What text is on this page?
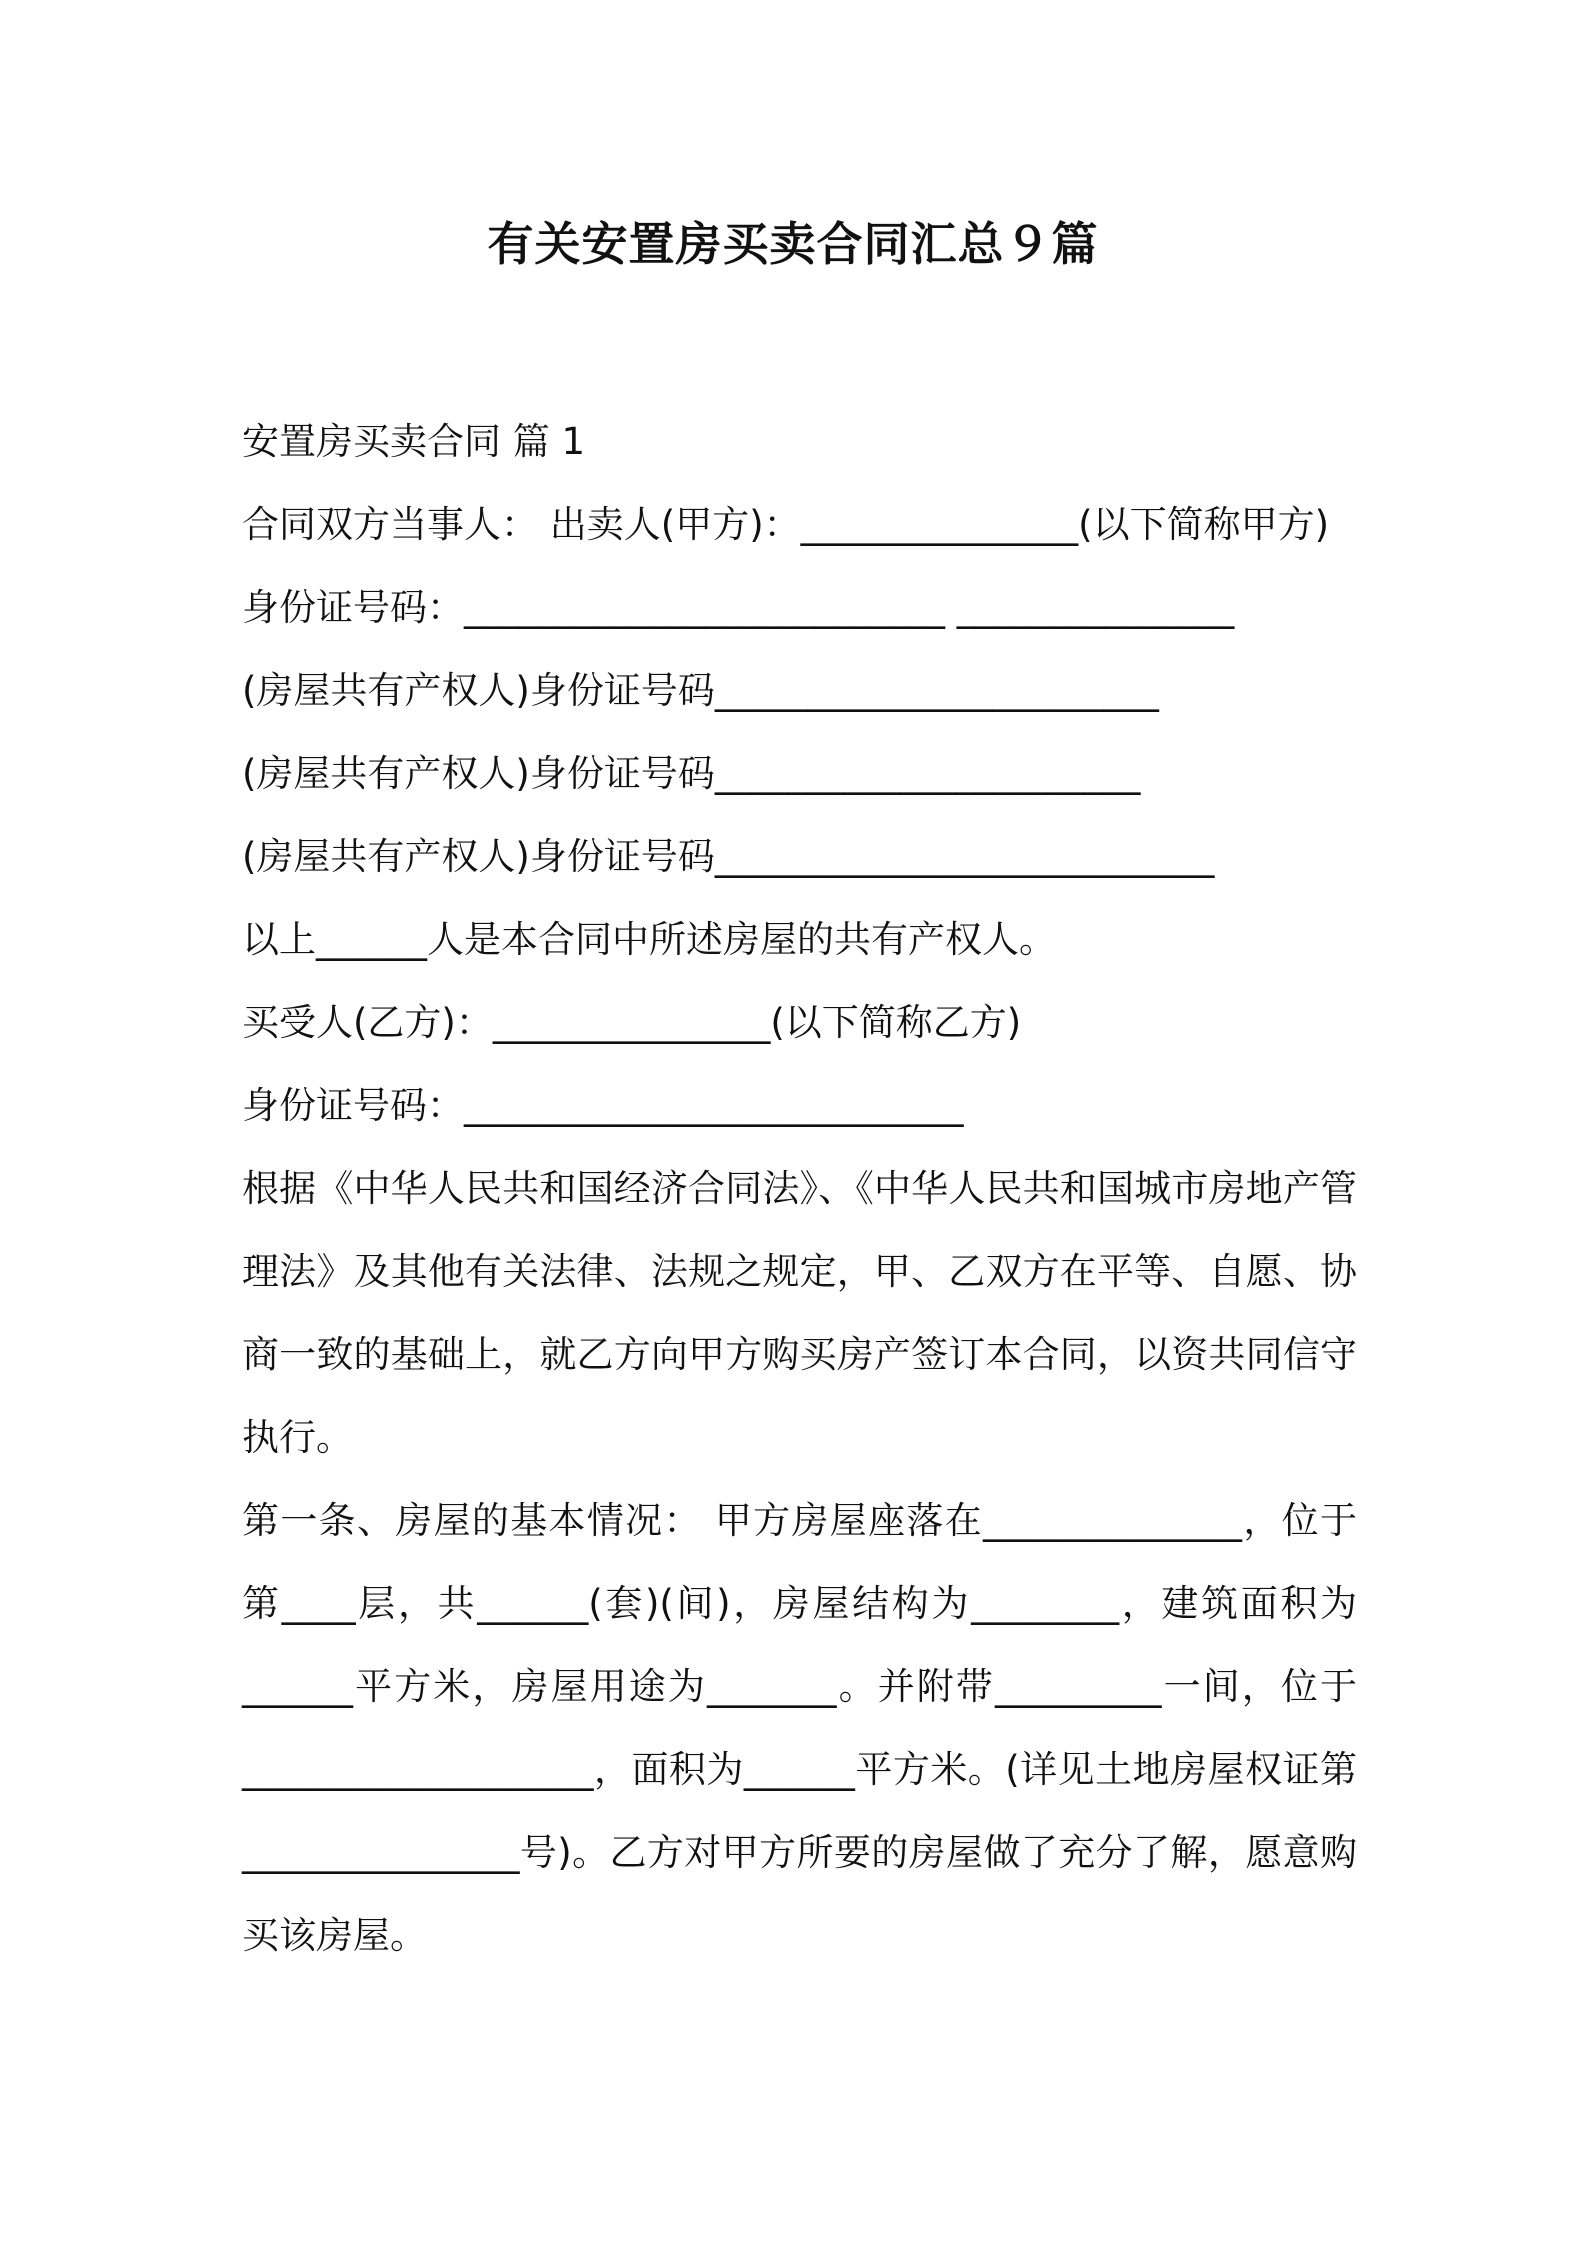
有关安置房买卖合同汇总９篇
安置房买卖合同 篇 1
合同双方当事人： 出卖人(甲方)：_______________(以下简称甲方)
身份证号码：__________________________ _______________
(房屋共有产权人)身份证号码________________________
(房屋共有产权人)身份证号码_______________________
(房屋共有产权人)身份证号码___________________________
以上______人是本合同中所述房屋的共有产权人。
买受人(乙方)：_______________(以下简称乙方)
身份证号码：___________________________
根据《中华人民共和国经济合同法》、《中华人民共和国城市房地产管理法》及其他有关法律、法规之规定，甲、乙双方在平等、自愿、协商一致的基础上，就乙方向甲方购买房产签订本合同，以资共同信守执行。
第一条、房屋的基本情况： 甲方房屋座落在______________，位于第____层，共______(套)(间)，房屋结构为________，建筑面积为______平方米，房屋用途为_______。并附带_________一间，位于___________________，面积为______平方米。(详见土地房屋权证第_______________号)。乙方对甲方所要的房屋做了充分了解，愿意购买该房屋。
